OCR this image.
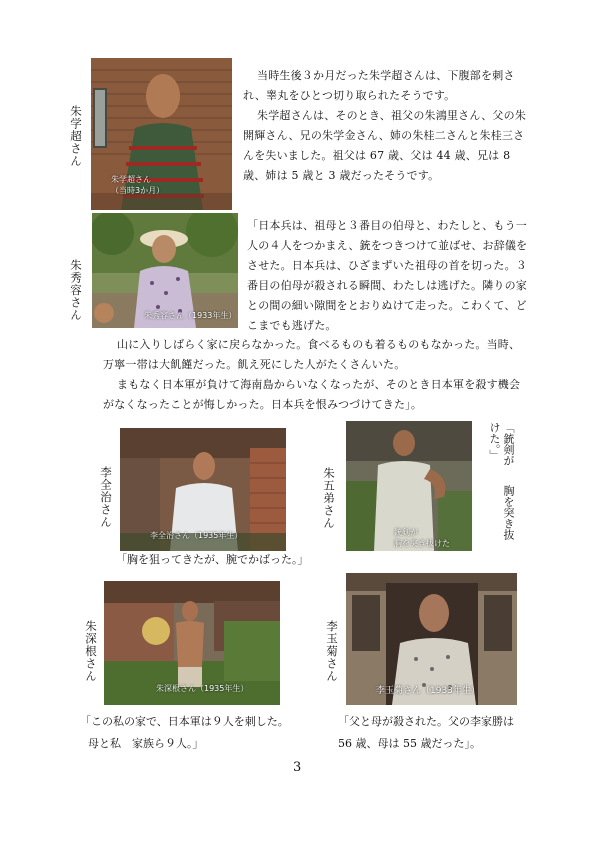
朱学超さん
（当時3か月）
朱学超さん

当時生後３か月だった朱学超さんは、下腹部を刺され、睾丸をひとつ切り取られたそうです。

朱学超さんは、そのとき、祖父の朱鴻里さん、父の朱開輝さん、兄の朱学金さん、姉の朱桂二さんと朱桂三さんを失いました。祖父は 67 歳、父は 44 歳、兄は 8 歳、姉は 5 歳と 3 歳だったそうです。

朱秀容さん（1933年生）
朱秀容さん

「日本兵は、祖母と３番目の伯母と、わたしと、もう一人の４人をつかまえ、銃をつきつけて並ばせ、お辞儀をさせた。日本兵は、ひざまずいた祖母の首を切った。３番目の伯母が殺される瞬間、わたしは逃げた。隣りの家との間の細い隙間をとおりぬけて走った。こわくて、どこまでも逃げた。

山に入りしばらく家に戻らなかった。食べるものも着るものもなかった。当時、万寧一帯は大飢饉だった。飢え死にした人がたくさんいた。

まもなく日本軍が負けて海南島からいなくなったが、そのとき日本軍を殺す機会がなくなったことが悔しかった。日本兵を恨みつづけてきた」。

李全治さん（1935年生）
李全治さん

「胸を狙ってきたが、腕でかばった。」

銃剣が
胸を突き抜けた
朱五弟さん

「銃剣が

けた。」

胸を突き抜

朱深根さん（1935年生）
朱深根さん

「この私の家で、日本軍は９人を刺した。

母と私　家族ら９人。」

李玉菊さん（1933年生）
李玉菊さん

「父と母が殺された。父の李家勝は

56 歳、母は 55 歳だった」。

3
